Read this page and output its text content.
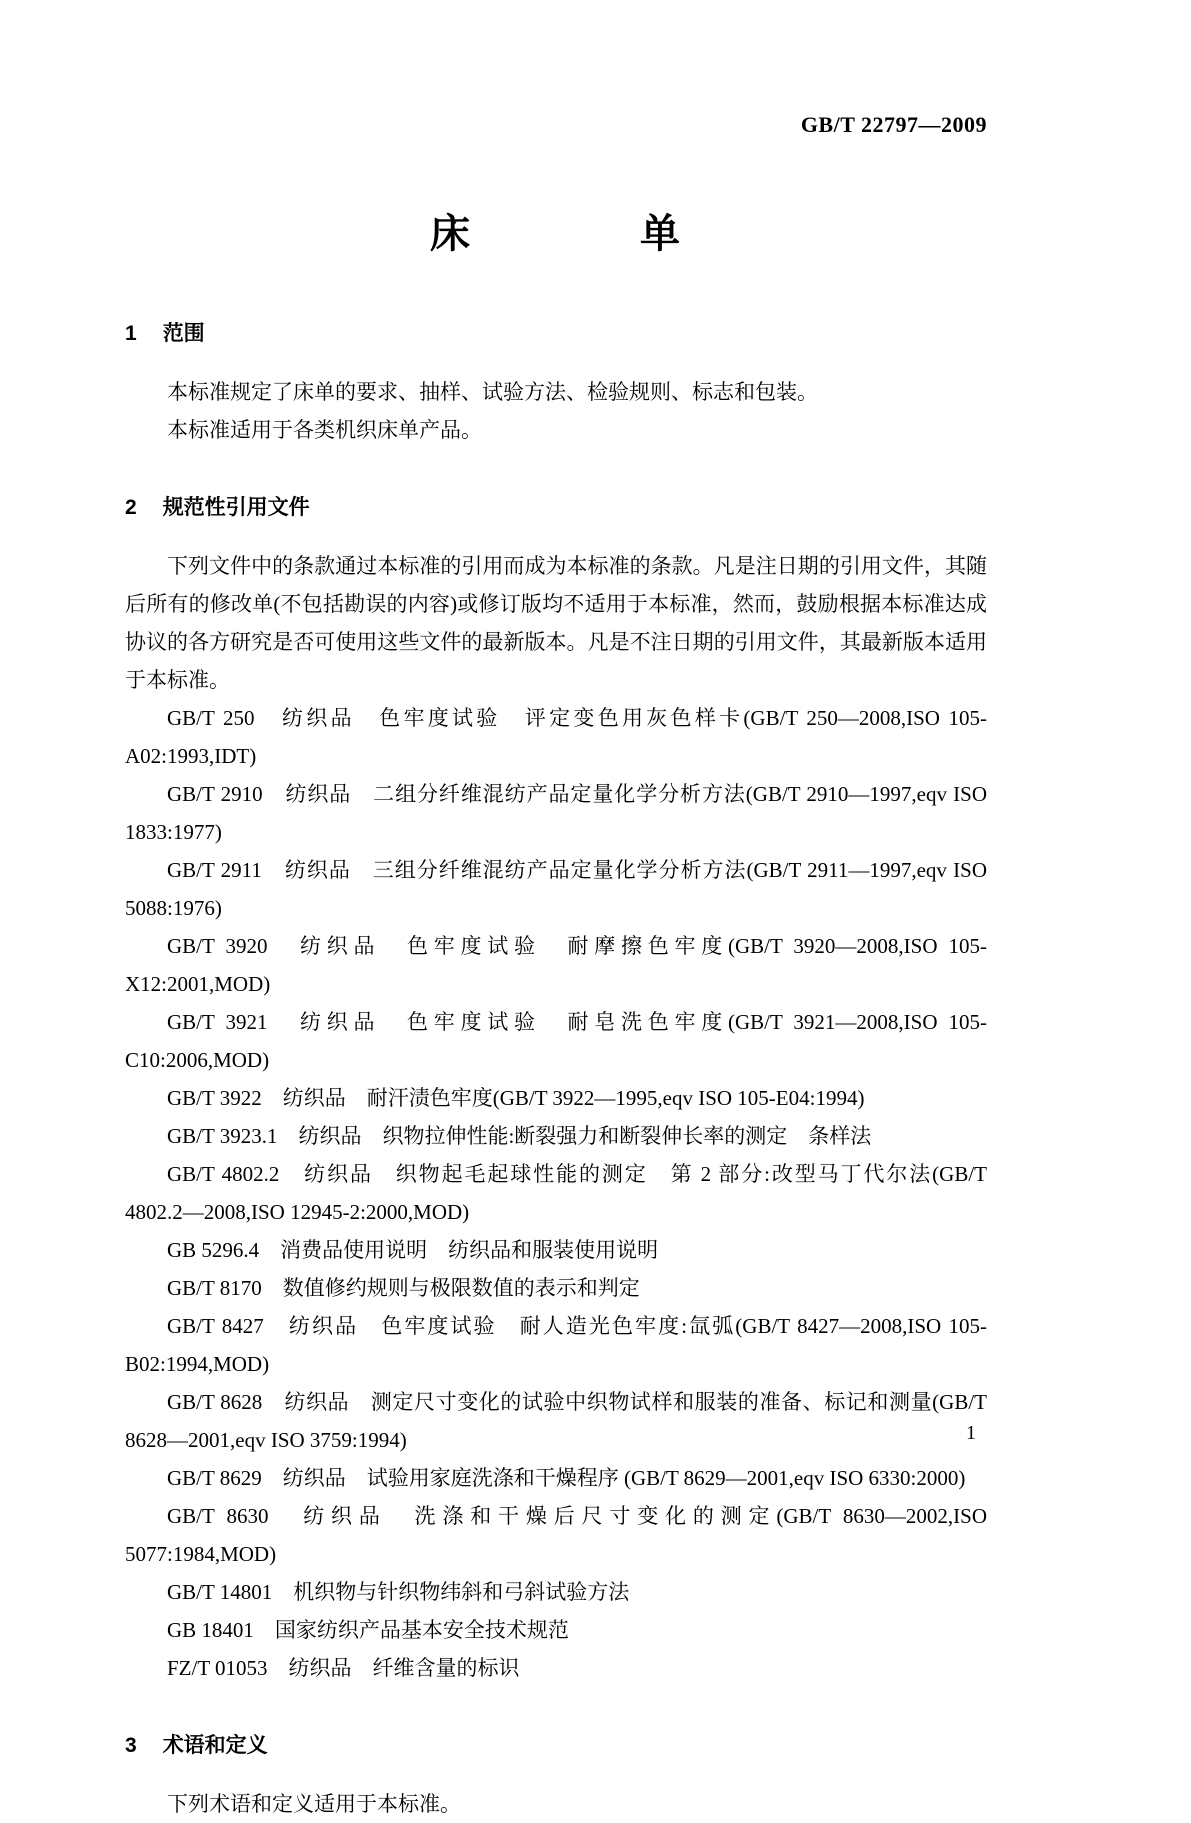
GB/T 22797—2009
床　　　　单
1 范围

本标准规定了床单的要求、抽样、试验方法、检验规则、标志和包装。

本标准适用于各类机织床单产品。

2 规范性引用文件

下列文件中的条款通过本标准的引用而成为本标准的条款。凡是注日期的引用文件，其随后所有的修改单(不包括勘误的内容)或修订版均不适用于本标准，然而，鼓励根据本标准达成协议的各方研究是否可使用这些文件的最新版本。凡是不注日期的引用文件，其最新版本适用于本标准。

GB/T 250　纺织品　色牢度试验　评定变色用灰色样卡(GB/T 250—2008,ISO 105-A02:1993,IDT)

GB/T 2910　纺织品　二组分纤维混纺产品定量化学分析方法(GB/T 2910—1997,eqv ISO 1833:1977)

GB/T 2911　纺织品　三组分纤维混纺产品定量化学分析方法(GB/T 2911—1997,eqv ISO 5088:1976)

GB/T 3920　纺织品　色牢度试验　耐摩擦色牢度(GB/T 3920—2008,ISO 105-X12:2001,MOD)

GB/T 3921　纺织品　色牢度试验　耐皂洗色牢度(GB/T 3921—2008,ISO 105-C10:2006,MOD)

GB/T 3922　纺织品　耐汗渍色牢度(GB/T 3922—1995,eqv ISO 105-E04:1994)

GB/T 3923.1　纺织品　织物拉伸性能:断裂强力和断裂伸长率的测定　条样法

GB/T 4802.2　纺织品　织物起毛起球性能的测定　第 2 部分:改型马丁代尔法(GB/T 4802.2—2008,ISO 12945-2:2000,MOD)

GB 5296.4　消费品使用说明　纺织品和服装使用说明

GB/T 8170　数值修约规则与极限数值的表示和判定

GB/T 8427　纺织品　色牢度试验　耐人造光色牢度:氙弧(GB/T 8427—2008,ISO 105-B02:1994,MOD)

GB/T 8628　纺织品　测定尺寸变化的试验中织物试样和服装的准备、标记和测量(GB/T 8628—2001,eqv ISO 3759:1994)

GB/T 8629　纺织品　试验用家庭洗涤和干燥程序 (GB/T 8629—2001,eqv ISO 6330:2000)

GB/T 8630　纺织品　洗涤和干燥后尺寸变化的测定(GB/T 8630—2002,ISO 5077:1984,MOD)

GB/T 14801　机织物与针织物纬斜和弓斜试验方法

GB 18401　国家纺织产品基本安全技术规范

FZ/T 01053　纺织品　纤维含量的标识

3 术语和定义

下列术语和定义适用于本标准。

1
